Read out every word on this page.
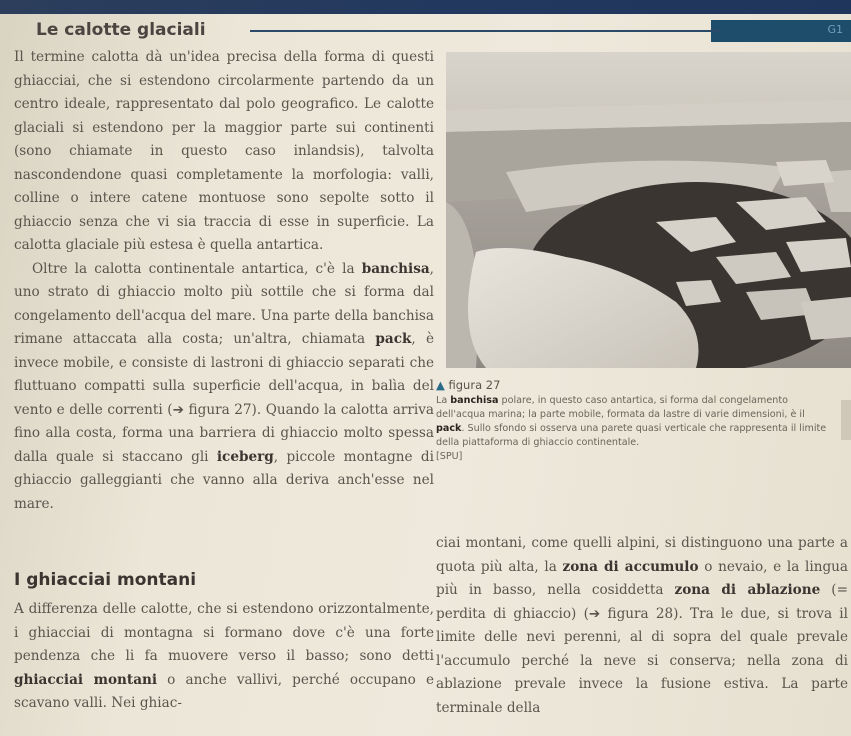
G1
Le calotte glaciali

Il termine calotta dà un'idea precisa della forma di questi ghiacciai, che si estendono circolarmente partendo da un centro ideale, rappresentato dal polo geografico. Le calotte glaciali si estendono per la maggior parte sui continenti (sono chiamate in questo caso inlandsis), talvolta nascondendone quasi completamente la morfologia: valli, colline o intere catene montuose sono sepolte sotto il ghiaccio senza che vi sia traccia di esse in superficie. La calotta glaciale più estesa è quella antartica.

Oltre la calotta continentale antartica, c'è la banchisa, uno strato di ghiaccio molto più sottile che si forma dal congelamento dell'acqua del mare. Una parte della banchisa rimane attaccata alla costa; un'altra, chiamata pack, è invece mobile, e consiste di lastroni di ghiaccio separati che fluttuano compatti sulla superficie dell'acqua, in balìa del vento e delle correnti (➔ figura 27). Quando la calotta arriva fino alla costa, forma una barriera di ghiaccio molto spessa dalla quale si staccano gli iceberg, piccole montagne di ghiaccio galleggianti che vanno alla deriva anch'esse nel mare.

▲ figura 27
La banchisa polare, in questo caso antartica, si forma dal congelamento dell'acqua marina; la parte mobile, formata da lastre di varie dimensioni, è il pack. Sullo sfondo si osserva una parete quasi verticale che rappresenta il limite della piattaforma di ghiaccio continentale.
[SPU]
I ghiacciai montani

A differenza delle calotte, che si estendono orizzontalmente, i ghiacciai di montagna si formano dove c'è una forte pendenza che li fa muovere verso il basso; sono detti ghiacciai montani o anche vallivi, perché occupano e scavano valli. Nei ghiac-

ciai montani, come quelli alpini, si distinguono una parte a quota più alta, la zona di accumulo o nevaio, e la lingua più in basso, nella cosiddetta zona di ablazione (= perdita di ghiaccio) (➔ figura 28). Tra le due, si trova il limite delle nevi perenni, al di sopra del quale prevale l'accumulo perché la neve si conserva; nella zona di ablazione prevale invece la fusione estiva. La parte terminale della
